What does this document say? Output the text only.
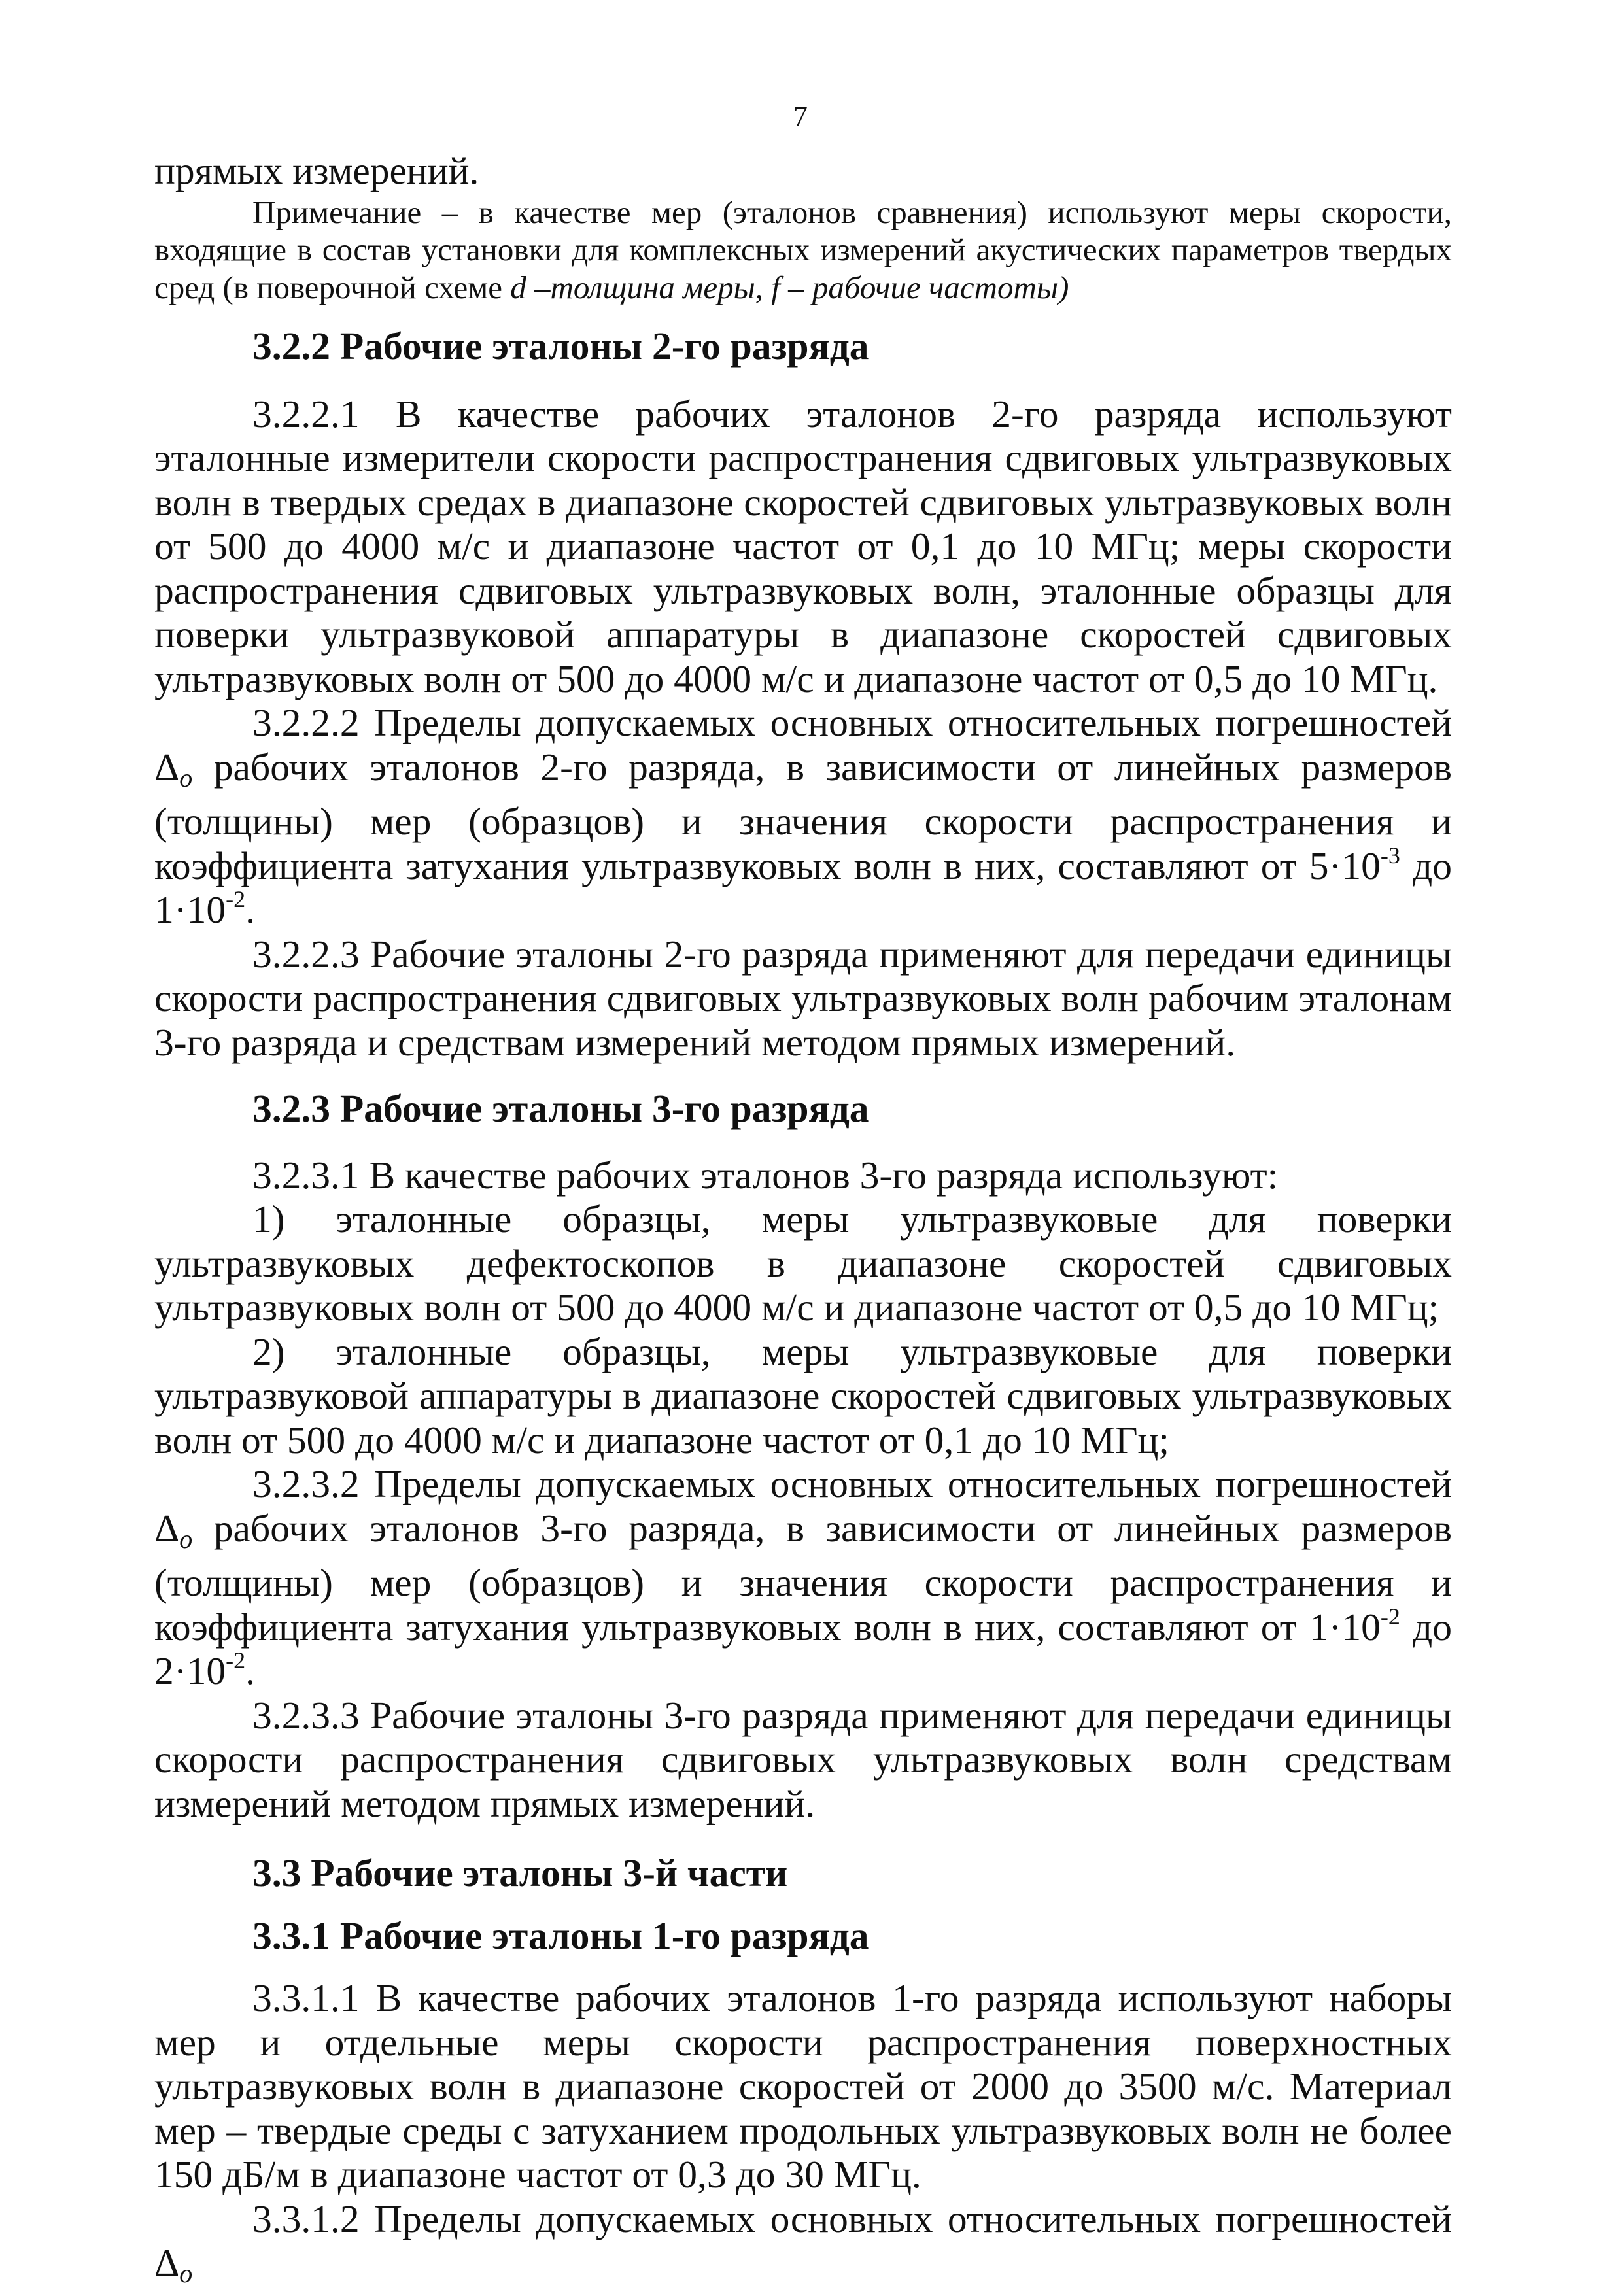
7

прямых измерений.

Примечание – в качестве мер (эталонов сравнения) используют меры скорости, входящие в состав установки для комплексных измерений акустических параметров твердых сред (в поверочной схеме d –толщина меры, f – рабочие частоты)

3.2.2 Рабочие эталоны 2-го разряда

3.2.2.1 В качестве рабочих эталонов 2-го разряда используют эталонные измерители скорости распространения сдвиговых ультразвуковых волн в твердых средах в диапазоне скоростей сдвиговых ультразвуковых волн от 500 до 4000 м/с и диапазоне частот от 0,1 до 10 МГц; меры скорости распространения сдвиговых ультразвуковых волн, эталонные образцы для поверки ультразвуковой аппаратуры в диапазоне скоростей сдвиговых ультразвуковых волн от 500 до 4000 м/с и диапазоне частот от 0,5 до 10 МГц.

3.2.2.2 Пределы допускаемых основных относительных погрешностей Δo рабочих эталонов 2-го разряда, в зависимости от линейных размеров (толщины) мер (образцов) и значения скорости распространения и коэффициента затухания ультразвуковых волн в них, составляют от $5\cdot 10^{-3}$ до $1\cdot 10^{-2}$.

3.2.2.3 Рабочие эталоны 2-го разряда применяют для передачи единицы скорости распространения сдвиговых ультразвуковых волн рабочим эталонам 3-го разряда и средствам измерений методом прямых измерений.

3.2.3 Рабочие эталоны 3-го разряда

3.2.3.1 В качестве рабочих эталонов 3-го разряда используют:

1) эталонные образцы, меры ультразвуковые для поверки ультразвуковых дефектоскопов в диапазоне скоростей сдвиговых ультразвуковых волн от 500 до 4000 м/с и диапазоне частот от 0,5 до 10 МГц;

2) эталонные образцы, меры ультразвуковые для поверки ультразвуковой аппаратуры в диапазоне скоростей сдвиговых ультразвуковых волн от 500 до 4000 м/с и диапазоне частот от 0,1 до 10 МГц;

3.2.3.2 Пределы допускаемых основных относительных погрешностей Δo рабочих эталонов 3-го разряда, в зависимости от линейных размеров (толщины) мер (образцов) и значения скорости распространения и коэффициента затухания ультразвуковых волн в них, составляют от $1\cdot 10^{-2}$ до $2\cdot 10^{-2}$.

3.2.3.3 Рабочие эталоны 3-го разряда применяют для передачи единицы скорости распространения сдвиговых ультразвуковых волн средствам измерений методом прямых измерений.

3.3 Рабочие эталоны 3-й части
3.3.1 Рабочие эталоны 1-го разряда

3.3.1.1 В качестве рабочих эталонов 1-го разряда используют наборы мер и отдельные меры скорости распространения поверхностных ультразвуковых волн в диапазоне скоростей от 2000 до 3500 м/с. Материал мер – твердые среды с затуханием продольных ультразвуковых волн не более 150 дБ/м в диапазоне частот от 0,3 до 30 МГц.

3.3.1.2 Пределы допускаемых основных относительных погрешностей Δo
